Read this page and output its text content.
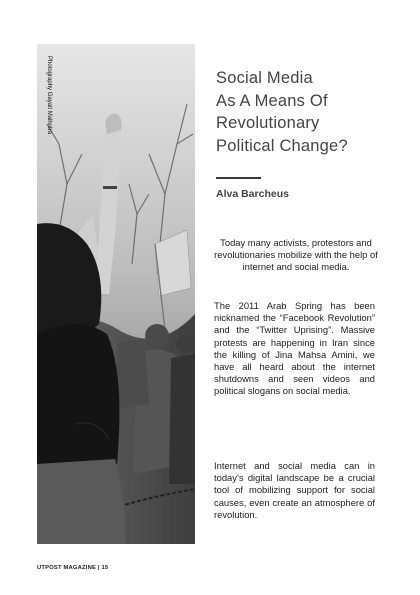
Photography Gayati Malhotra	Social Media
As A Means Of
Revolutionary
Political Change?
Alva Barcheus

Today many activists, protestors and revolutionaries mobilize with the help of internet and social media.

The 2011 Arab Spring has been nicknamed the “Facebook Revolution” and the “Twitter Uprising”. Massive protests are happening in Iran since the killing of Jina Mahsa Amini, we have all heard about the internet shutdowns and seen videos and political slogans on social media.

Internet and social media can in today’s digital landscape be a crucial tool of mobilizing support for social causes, even create an atmosphere of revolution.

UTPOST MAGAZINE | 15
